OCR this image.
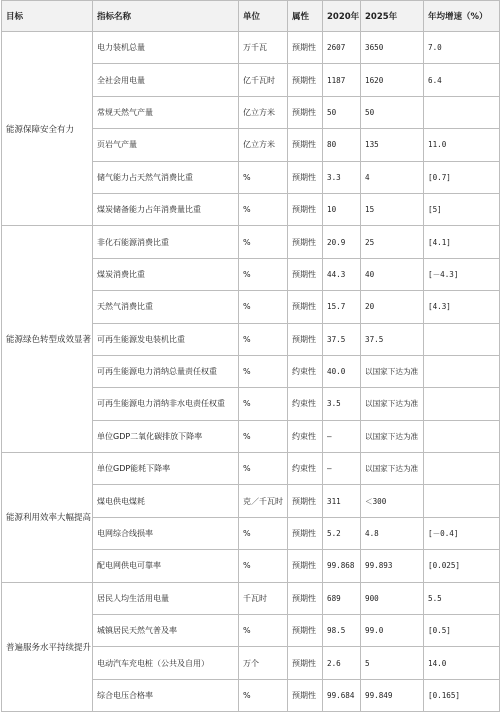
目标	指标名称	单位	属性	2020年	2025年	年均增速（%）
能源保障安全有力	电力装机总量	万千瓦	预期性	2607	3650	7.0
	全社会用电量	亿千瓦时	预期性	1187	1620	6.4
	常规天然气产量	亿立方米	预期性	50	50	
	页岩气产量	亿立方米	预期性	80	135	11.0
	储气能力占天然气消费比重	%	预期性	3.3	4	[0.7]
	煤炭储备能力占年消费量比重	%	预期性	10	15	[5]
能源绿色转型成效显著	非化石能源消费比重	%	预期性	20.9	25	[4.1]
	煤炭消费比重	%	预期性	44.3	40	[－4.3]
	天然气消费比重	%	预期性	15.7	20	[4.3]
	可再生能源发电装机比重	%	预期性	37.5	37.5	
	可再生能源电力消纳总量责任权重	%	约束性	40.0	以国家下达为准	
	可再生能源电力消纳非水电责任权重	%	约束性	3.5	以国家下达为准	
	单位GDP二氧化碳排放下降率	%	约束性	—	以国家下达为准	
能源利用效率大幅提高	单位GDP能耗下降率	%	约束性	—	以国家下达为准	
	煤电供电煤耗	克／千瓦时	预期性	311	＜300	
	电网综合线损率	%	预期性	5.2	4.8	[－0.4]
	配电网供电可靠率	%	预期性	99.868	99.893	[0.025]
普遍服务水平持续提升	居民人均生活用电量	千瓦时	预期性	689	900	5.5
	城镇居民天然气普及率	%	预期性	98.5	99.0	[0.5]
	电动汽车充电桩（公共及自用）	万个	预期性	2.6	5	14.0
	综合电压合格率	%	预期性	99.684	99.849	[0.165]
